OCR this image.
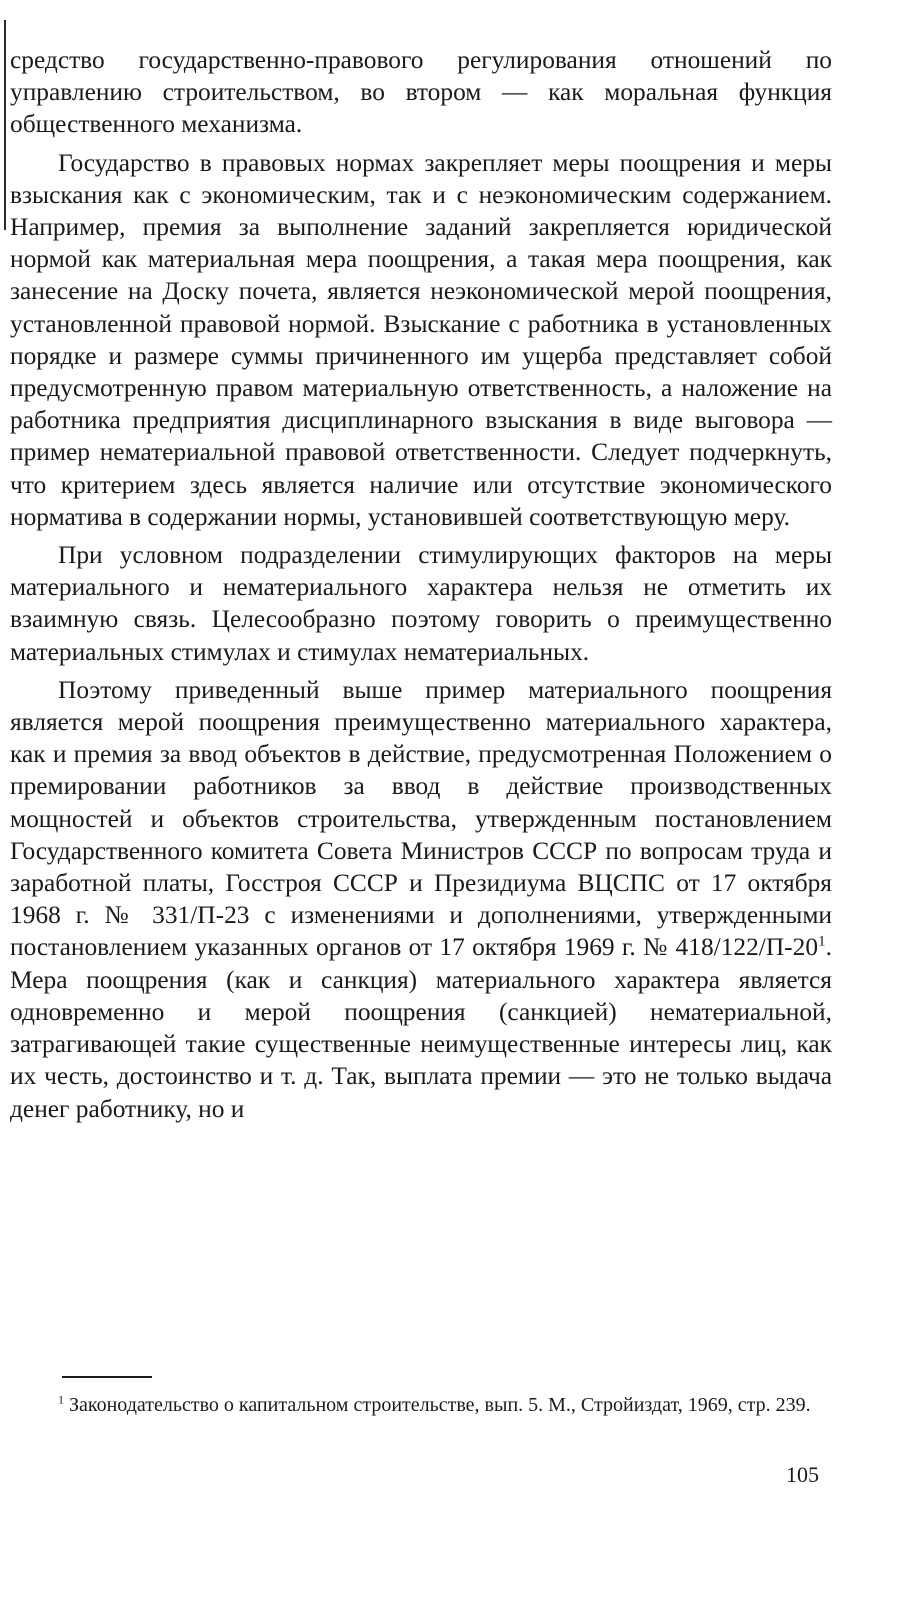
средство государственно-правового регулирования отношений по управлению строительством, во втором — как моральная функция общественного механизма.

Государство в правовых нормах закрепляет меры поощрения и меры взыскания как с экономическим, так и с неэкономическим содержанием. Например, премия за выполнение заданий закрепляется юридической нормой как материальная мера поощрения, а такая мера поощрения, как занесение на Доску почета, является неэкономической мерой поощрения, установленной правовой нормой. Взыскание с работника в установленных порядке и размере суммы причиненного им ущерба представляет собой предусмотренную правом материальную ответственность, а наложение на работника предприятия дисциплинарного взыскания в виде выговора — пример нематериальной правовой ответственности. Следует подчеркнуть, что критерием здесь является наличие или отсутствие экономического норматива в содержании нормы, установившей соответствующую меру.

При условном подразделении стимулирующих факторов на меры материального и нематериального характера нельзя не отметить их взаимную связь. Целесообразно поэтому говорить о преимущественно материальных стимулах и стимулах нематериальных.

Поэтому приведенный выше пример материального поощрения является мерой поощрения преимущественно материального характера, как и премия за ввод объектов в действие, предусмотренная Положением о премировании работников за ввод в действие производственных мощностей и объектов строительства, утвержденным постановлением Государственного комитета Совета Министров СССР по вопросам труда и заработной платы, Госстроя СССР и Президиума ВЦСПС от 17 октября 1968 г. № 331/П-23 с изменениями и дополнениями, утвержденными постановлением указанных органов от 17 октября 1969 г. № $418/122/П-20^1$. Мера поощрения (как и санкция) материального характера является одновременно и мерой поощрения (санкцией) нематериальной, затрагивающей такие существенные неимущественные интересы лиц, как их честь, достоинство и т. д. Так, выплата премии — это не только выдача денег работнику, но и

$^1$ Законодательство о капитальном строительстве, вып. 5. М., Стройиздат, 1969, стр. 239.

105
